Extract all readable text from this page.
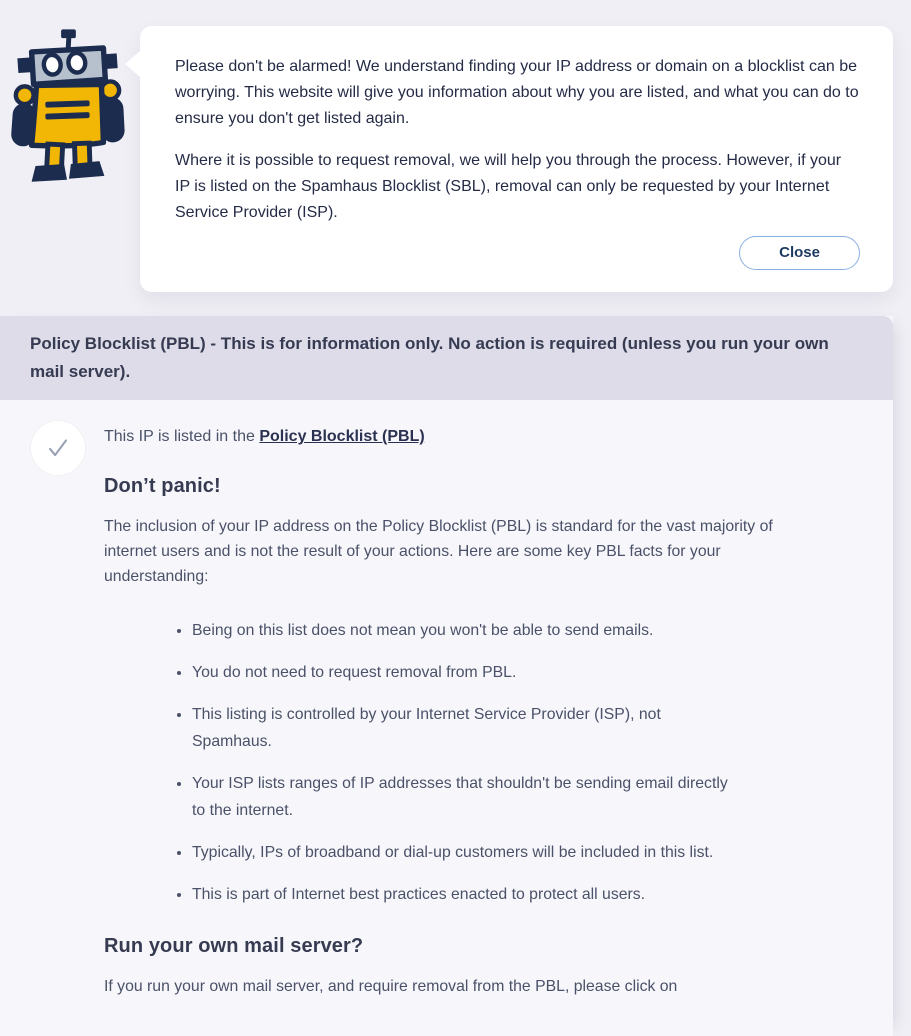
Please don't be alarmed! We understand finding your IP address or domain on a blocklist can be worrying. This website will give you information about why you are listed, and what you can do to ensure you don't get listed again.

Where it is possible to request removal, we will help you through the process. However, if your IP is listed on the Spamhaus Blocklist (SBL), removal can only be requested by your Internet Service Provider (ISP).

Close
Policy Blocklist (PBL) - This is for information only. No action is required (unless you run your own mail server).

This IP is listed in the Policy Blocklist (PBL)

Don’t panic!

The inclusion of your IP address on the Policy Blocklist (PBL) is standard for the vast majority of internet users and is not the result of your actions. Here are some key PBL facts for your understanding:

• Being on this list does not mean you won't be able to send emails.
• You do not need to request removal from PBL.
• This listing is controlled by your Internet Service Provider (ISP), not Spamhaus.
• Your ISP lists ranges of IP addresses that shouldn't be sending email directly to the internet.
• Typically, IPs of broadband or dial-up customers will be included in this list.
• This is part of Internet best practices enacted to protect all users.
Run your own mail server?

If you run your own mail server, and require removal from the PBL, please click on
